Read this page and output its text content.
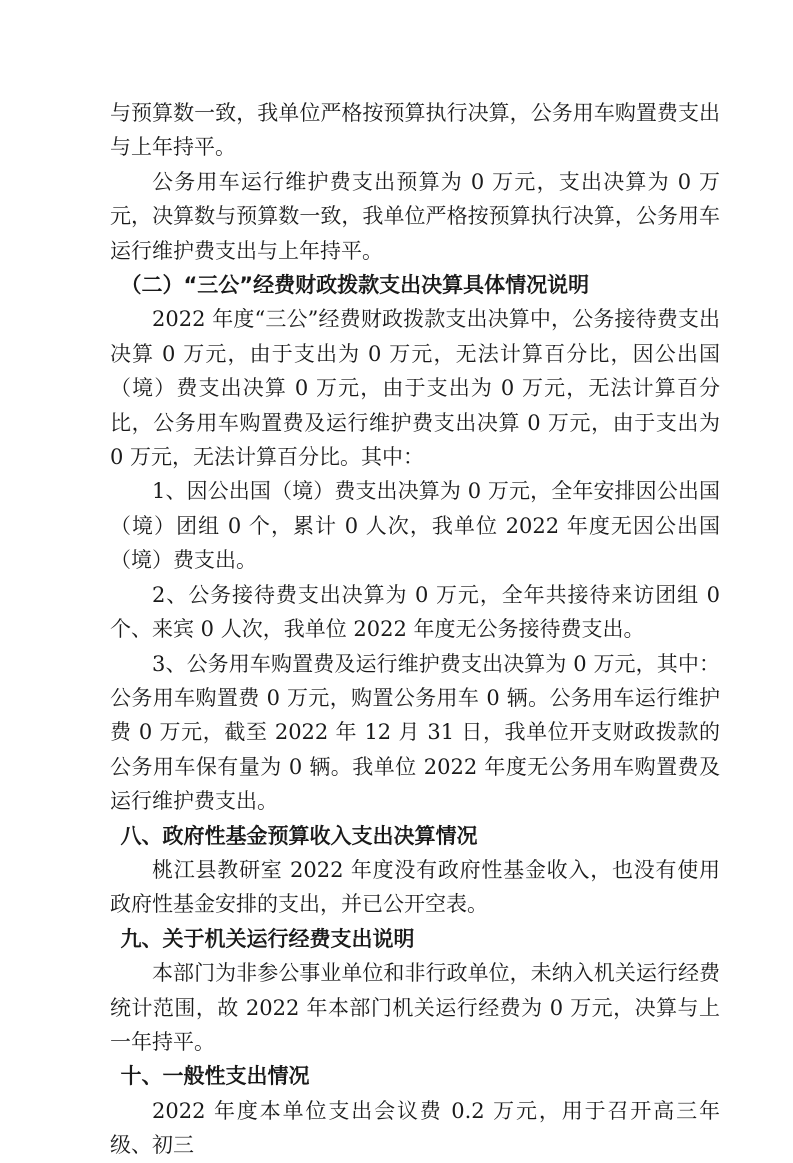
与预算数一致，我单位严格按预算执行决算，公务用车购置费支出与上年持平。

公务用车运行维护费支出预算为 0 万元，支出决算为 0 万元，决算数与预算数一致，我单位严格按预算执行决算，公务用车运行维护费支出与上年持平。

（二）“三公”经费财政拨款支出决算具体情况说明

2022 年度“三公”经费财政拨款支出决算中，公务接待费支出决算 0 万元，由于支出为 0 万元，无法计算百分比，因公出国（境）费支出决算 0 万元，由于支出为 0 万元，无法计算百分比，公务用车购置费及运行维护费支出决算 0 万元，由于支出为 0 万元，无法计算百分比。其中：

1、因公出国（境）费支出决算为 0 万元，全年安排因公出国（境）团组 0 个，累计 0 人次，我单位 2022 年度无因公出国（境）费支出。

2、公务接待费支出决算为 0 万元，全年共接待来访团组 0 个、来宾 0 人次，我单位 2022 年度无公务接待费支出。

3、公务用车购置费及运行维护费支出决算为 0 万元，其中：公务用车购置费 0 万元，购置公务用车 0 辆。公务用车运行维护费 0 万元，截至 2022 年 12 月 31 日，我单位开支财政拨款的公务用车保有量为 0 辆。我单位 2022 年度无公务用车购置费及运行维护费支出。

八、政府性基金预算收入支出决算情况

桃江县教研室 2022 年度没有政府性基金收入，也没有使用政府性基金安排的支出，并已公开空表。

九、关于机关运行经费支出说明

本部门为非参公事业单位和非行政单位，未纳入机关运行经费统计范围，故 2022 年本部门机关运行经费为 0 万元，决算与上一年持平。

十、一般性支出情况

2022 年度本单位支出会议费 0.2 万元，用于召开高三年级、初三
